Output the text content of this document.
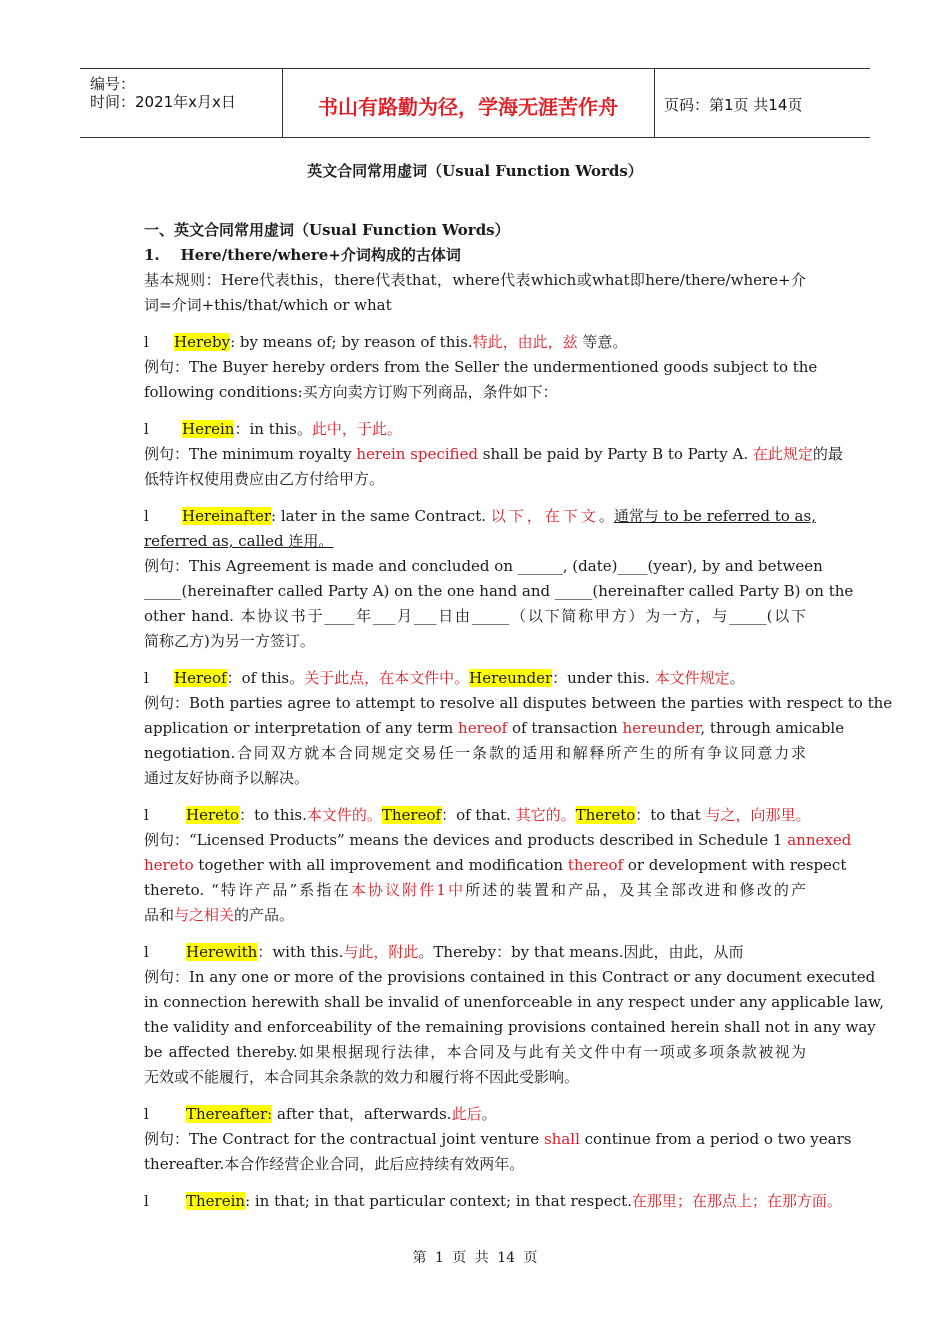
编号：
时间：2021年x月x日	书山有路勤为径，学海无涯苦作舟	页码：第1页 共14页
英文合同常用虚词（Usual Function Words）
一、英文合同常用虚词（Usual Function Words）
1.    Here/there/where+介词构成的古体词
基本规则：Here代表this，there代表that，where代表which或what即here/there/where+介
词=介词+this/that/which or what
l Hereby: by means of; by reason of this.特此，由此，兹 等意。
例句：The Buyer hereby orders from the Seller the undermentioned goods subject to the
following conditions:买方向卖方订购下列商品，条件如下：
l Herein：in this。此中，于此。
例句：The minimum royalty herein specified shall be paid by Party B to Party A. 在此规定的最
低特许权使用费应由乙方付给甲方。
l Hereinafter: later in the same Contract. 以下，在下文。通常与 to be referred to as,
referred as, called 连用。
例句：This Agreement is made and concluded on ______, (date)____(year), by and between
_____(hereinafter called Party A) on the one hand and _____(hereinafter called Party B) on the
other hand. 本协议书于____年___月___日由_____（以下简称甲方）为一方，与_____(以下
简称乙方)为另一方签订。
l Hereof：of this。关于此点，在本文件中。Hereunder：under this. 本文件规定。
例句：Both parties agree to attempt to resolve all disputes between the parties with respect to the
application or interpretation of any term hereof of transaction hereunder, through amicable
negotiation.合同双方就本合同规定交易任一条款的适用和解释所产生的所有争议同意力求
通过友好协商予以解决。
l Hereto：to this.本文件的。Thereof：of that. 其它的。Thereto：to that 与之，向那里。
例句：“Licensed Products” means the devices and products described in Schedule 1 annexed
hereto together with all improvement and modification thereof or development with respect
thereto. “特许产品”系指在本协议附件1中所述的装置和产品，及其全部改进和修改的产
品和与之相关的产品。
l Herewith：with this.与此，附此。Thereby：by that means.因此，由此，从而
例句：In any one or more of the provisions contained in this Contract or any document executed
in connection herewith shall be invalid of unenforceable in any respect under any applicable law,
the validity and enforceability of the remaining provisions contained herein shall not in any way
be affected thereby.如果根据现行法律，本合同及与此有关文件中有一项或多项条款被视为
无效或不能履行，本合同其余条款的效力和履行将不因此受影响。
l Thereafter: after that，afterwards.此后。
例句：The Contract for the contractual joint venture shall continue from a period o two years
thereafter.本合作经营企业合同，此后应持续有效两年。
l Therein: in that; in that particular context; in that respect.在那里；在那点上；在那方面。
第 1 页 共 14 页
